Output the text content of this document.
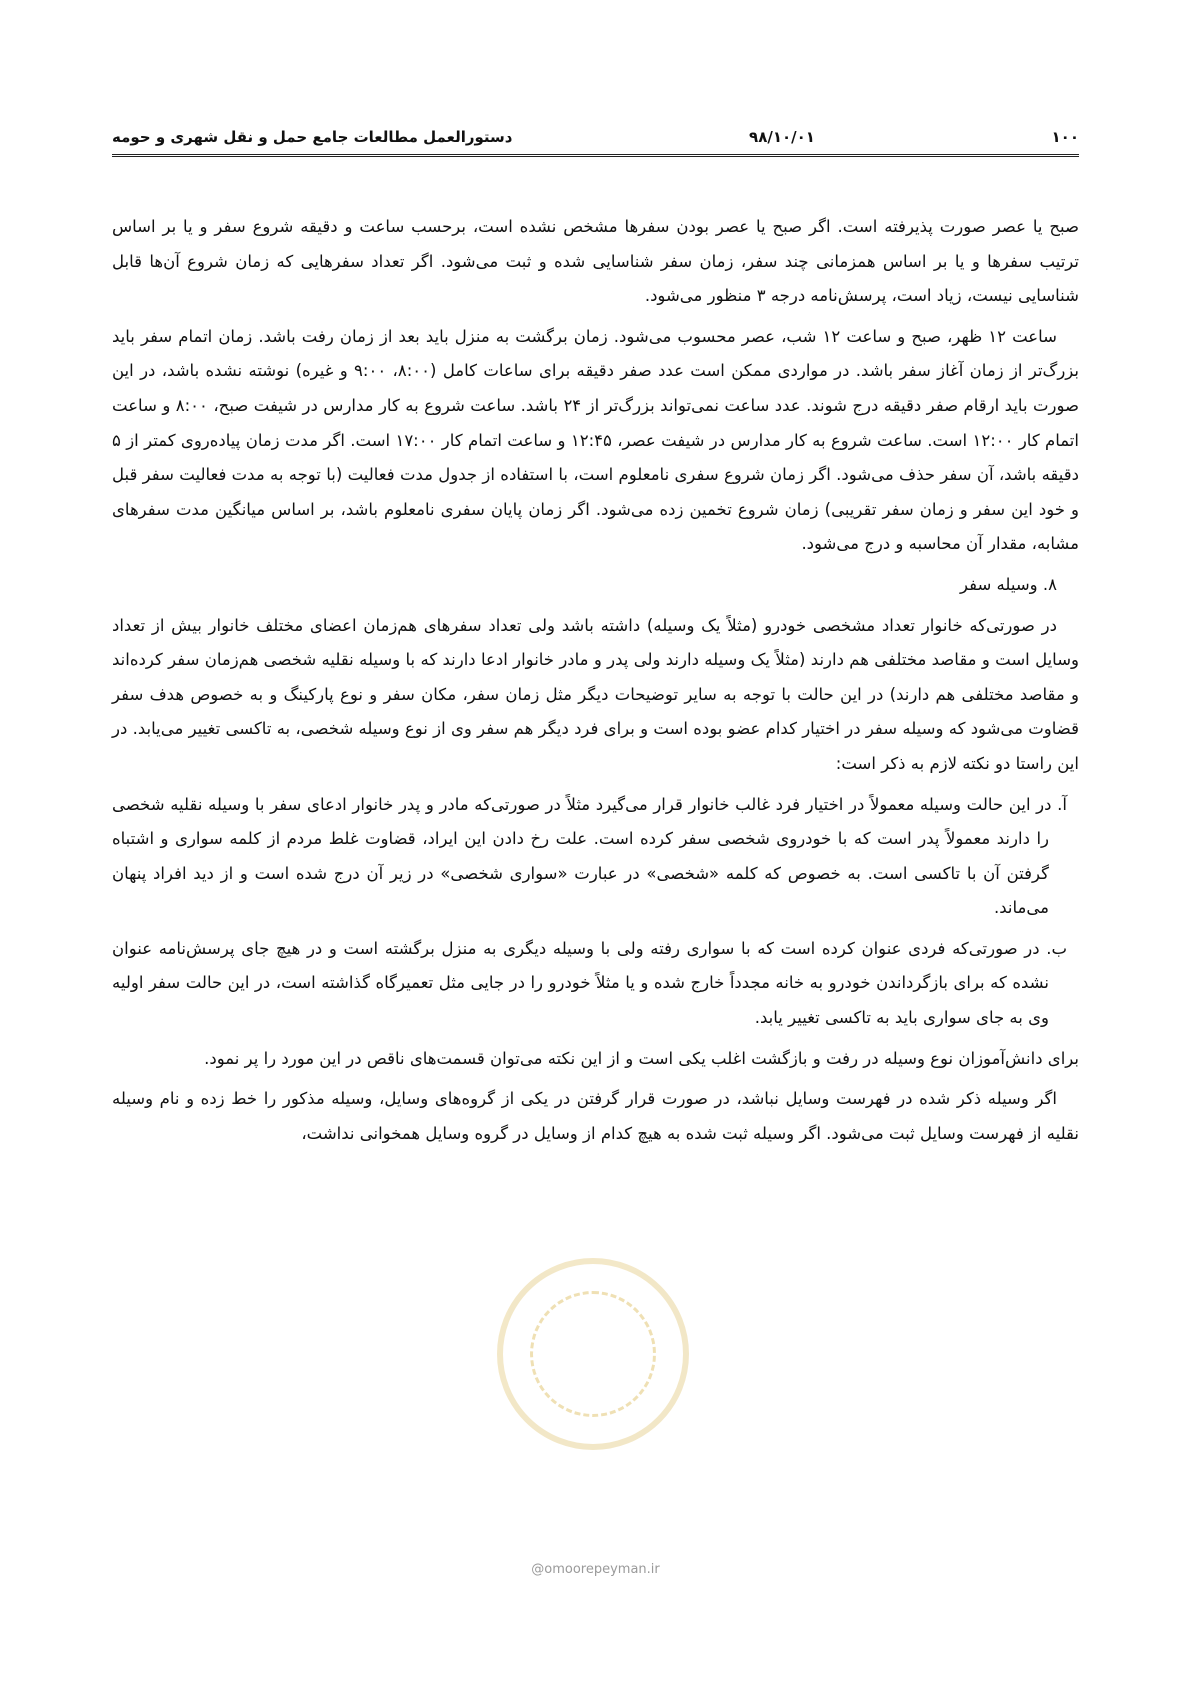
۱۰۰
۹۸/۱۰/۰۱
دستورالعمل مطالعات جامع حمل و نقل شهری و حومه

صبح یا عصر صورت پذیرفته است. اگر صبح یا عصر بودن سفرها مشخص نشده است، برحسب ساعت و دقیقه شروع سفر و یا بر اساس ترتیب سفرها و یا بر اساس همزمانی چند سفر، زمان سفر شناسایی شده و ثبت می‌شود. اگر تعداد سفرهایی که زمان شروع آن‌ها قابل شناسایی نیست، زیاد است، پرسش‌نامه درجه ۳ منظور می‌شود.

ساعت ۱۲ ظهر، صبح و ساعت ۱۲ شب، عصر محسوب می‌شود. زمان برگشت به منزل باید بعد از زمان رفت باشد. زمان اتمام سفر باید بزرگ‌تر از زمان آغاز سفر باشد. در مواردی ممکن است عدد صفر دقیقه برای ساعات کامل (۸:۰۰، ۹:۰۰ و غیره) نوشته نشده باشد، در این صورت باید ارقام صفر دقیقه درج شوند. عدد ساعت نمی‌تواند بزرگ‌تر از ۲۴ باشد. ساعت شروع به کار مدارس در شیفت صبح، ۸:۰۰ و ساعت اتمام کار ۱۲:۰۰ است. ساعت شروع به کار مدارس در شیفت عصر، ۱۲:۴۵ و ساعت اتمام کار ۱۷:۰۰ است. اگر مدت زمان پیاده‌روی کمتر از ۵ دقیقه باشد، آن سفر حذف می‌شود. اگر زمان شروع سفری نامعلوم است، با استفاده از جدول مدت فعالیت (با توجه به مدت فعالیت سفر قبل و خود این سفر و زمان سفر تقریبی) زمان شروع تخمین زده می‌شود. اگر زمان پایان سفری نامعلوم باشد، بر اساس میانگین مدت سفرهای مشابه، مقدار آن محاسبه و درج می‌شود.

۸. وسیله سفر

در صورتی‌که خانوار تعداد مشخصی خودرو (مثلاً یک وسیله) داشته باشد ولی تعداد سفرهای هم‌زمان اعضای مختلف خانوار بیش از تعداد وسایل است و مقاصد مختلفی هم دارند (مثلاً یک وسیله دارند ولی پدر و مادر خانوار ادعا دارند که با وسیله نقلیه شخصی هم‌زمان سفر کرده‌اند و مقاصد مختلفی هم دارند) در این حالت با توجه به سایر توضیحات دیگر مثل زمان سفر، مکان سفر و نوع پارکینگ و به خصوص هدف سفر قضاوت می‌شود که وسیله سفر در اختیار کدام عضو بوده است و برای فرد دیگر هم سفر وی از نوع وسیله شخصی، به تاکسی تغییر می‌یابد. در این راستا دو نکته لازم به ذکر است:

آ. در این حالت وسیله معمولاً در اختیار فرد غالب خانوار قرار می‌گیرد مثلاً در صورتی‌که مادر و پدر خانوار ادعای سفر با وسیله نقلیه شخصی را دارند معمولاً پدر است که با خودروی شخصی سفر کرده است. علت رخ دادن این ایراد، قضاوت غلط مردم از کلمه سواری و اشتباه گرفتن آن با تاکسی است. به خصوص که کلمه «شخصی» در عبارت «سواری شخصی» در زیر آن درج شده است و از دید افراد پنهان می‌ماند.

ب. در صورتی‌که فردی عنوان کرده است که با سواری رفته ولی با وسیله دیگری به منزل برگشته است و در هیچ جای پرسش‌نامه عنوان نشده که برای بازگرداندن خودرو به خانه مجدداً خارج شده و یا مثلاً خودرو را در جایی مثل تعمیرگاه گذاشته است، در این حالت سفر اولیه وی به جای سواری باید به تاکسی تغییر یابد.

برای دانش‌آموزان نوع وسیله در رفت و بازگشت اغلب یکی است و از این نکته می‌توان قسمت‌های ناقص در این مورد را پر نمود.

اگر وسیله ذکر شده در فهرست وسایل نباشد، در صورت قرار گرفتن در یکی از گروه‌های وسایل، وسیله مذکور را خط زده و نام وسیله نقلیه از فهرست وسایل ثبت می‌شود. اگر وسیله ثبت شده به هیچ کدام از وسایل در گروه وسایل همخوانی نداشت،

@omoorepeyman.ir
